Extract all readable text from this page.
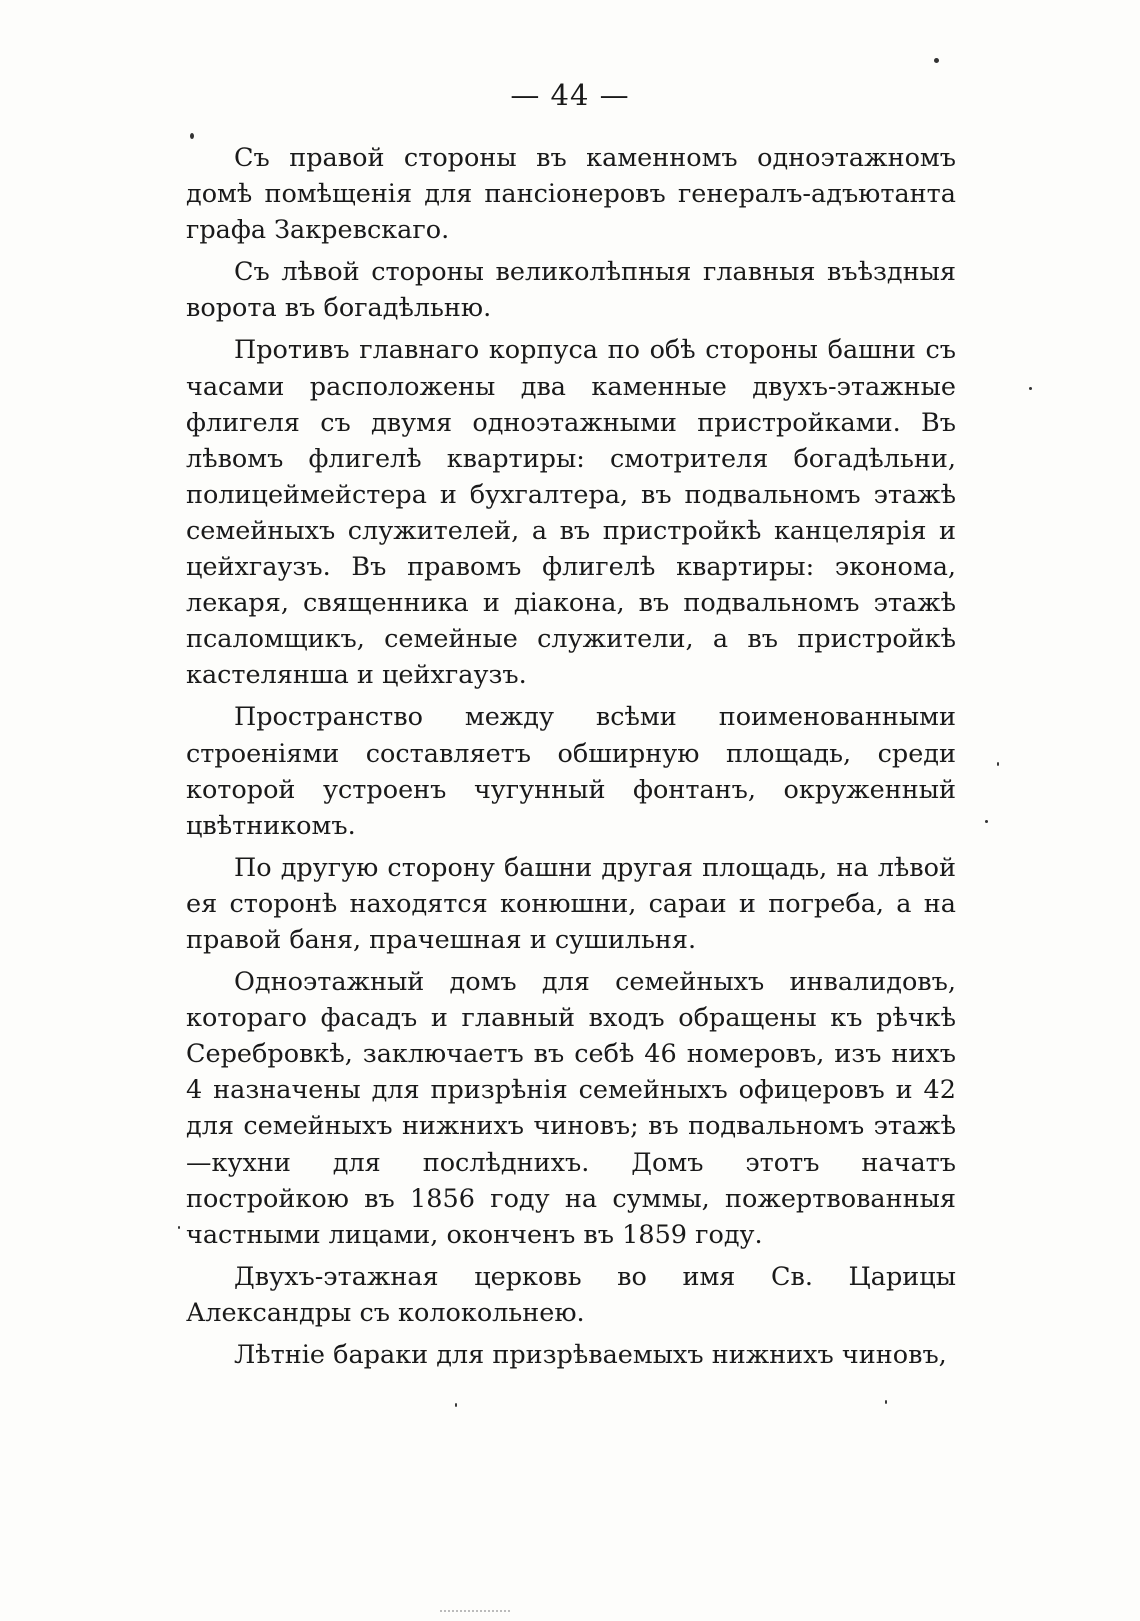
— 44 —

Съ правой стороны въ каменномъ одноэтажномъ домѣ помѣщенія для пансіонеровъ генералъ-адъютанта графа Закревскаго.

Съ лѣвой стороны великолѣпныя главныя въѣздныя ворота въ богадѣльню.

Противъ главнаго корпуса по обѣ стороны башни съ часами расположены два каменные двухъ-этажные флигеля съ двумя одноэтажными пристройками. Въ лѣвомъ флигелѣ квартиры: смотрителя богадѣльни, полицеймейстера и бухгалтера, въ подвальномъ этажѣ семейныхъ служителей, а въ пристройкѣ канцелярія и цейхгаузъ. Въ правомъ флигелѣ квартиры: эконома, лекаря, священника и діакона, въ подвальномъ этажѣ псаломщикъ, семейные служители, а въ пристройкѣ кастелянша и цейхгаузъ.

Пространство между всѣми поименованными строеніями составляетъ обширную площадь, среди которой устроенъ чугунный фонтанъ, окруженный цвѣтникомъ.

По другую сторону башни другая площадь, на лѣвой ея сторонѣ находятся конюшни, сараи и погреба, а на правой баня, прачешная и сушильня.

Одноэтажный домъ для семейныхъ инвалидовъ, котораго фасадъ и главный входъ обращены къ рѣчкѣ Серебровкѣ, заключаетъ въ себѣ 46 номеровъ, изъ нихъ 4 назначены для призрѣнія семейныхъ офицеровъ и 42 для семейныхъ нижнихъ чиновъ; въ подвальномъ этажѣ—кухни для послѣднихъ. Домъ этотъ начатъ постройкою въ 1856 году на суммы, пожертвованныя частными лицами, оконченъ въ 1859 году.

Двухъ-этажная церковь во имя Св. Царицы Александры съ колокольнею.

Лѣтніе бараки для призрѣваемыхъ нижнихъ чиновъ,
